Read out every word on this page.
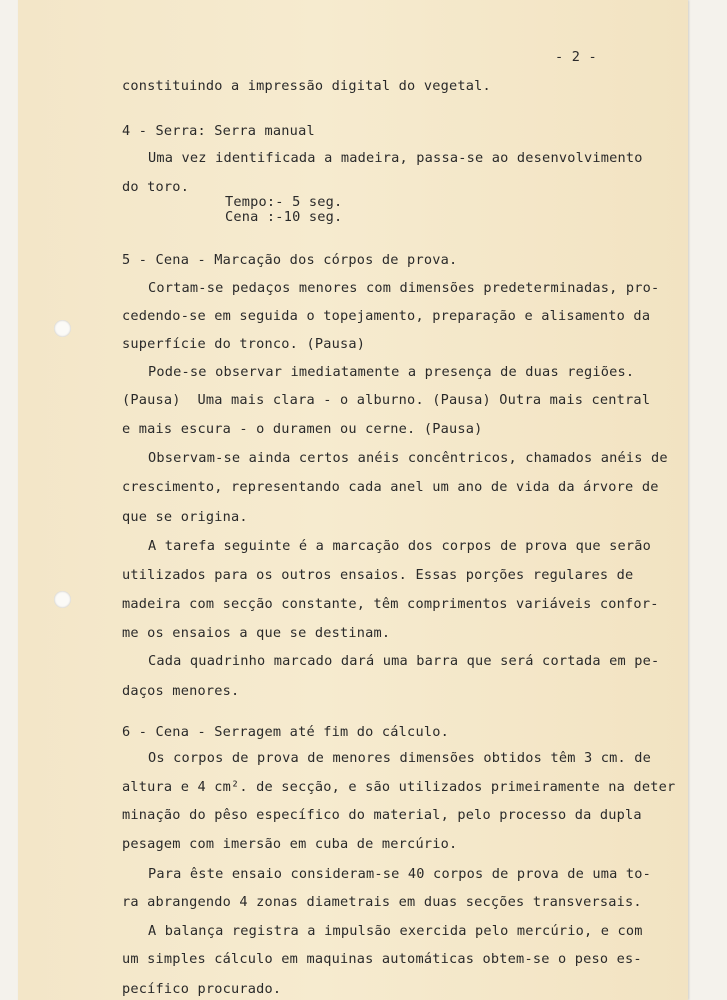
- 2 -
constituindo a impressão digital do vegetal.
4 - Serra: Serra manual
Uma vez identificada a madeira, passa-se ao desenvolvimento
do toro.
Tempo:- 5 seg.
Cena :-10 seg.
5 - Cena - Marcação dos córpos de prova.
Cortam-se pedaços menores com dimensões predeterminadas, pro-
cedendo-se em seguida o topejamento, preparação e alisamento da
superfície do tronco. (Pausa)
Pode-se observar imediatamente a presença de duas regiões.
(Pausa)  Uma mais clara - o alburno. (Pausa) Outra mais central
e mais escura - o duramen ou cerne. (Pausa)
Observam-se ainda certos anéis concêntricos, chamados anéis de
crescimento, representando cada anel um ano de vida da árvore de
que se origina.
A tarefa seguinte é a marcação dos corpos de prova que serão
utilizados para os outros ensaios. Essas porções regulares de
madeira com secção constante, têm comprimentos variáveis confor-
me os ensaios a que se destinam.
Cada quadrinho marcado dará uma barra que será cortada em pe-
daços menores.
6 - Cena - Serragem até fim do cálculo.
Os corpos de prova de menores dimensões obtidos têm 3 cm. de
altura e 4 cm². de secção, e são utilizados primeiramente na deter
minação do pêso específico do material, pelo processo da dupla
pesagem com imersão em cuba de mercúrio.
Para êste ensaio consideram-se 40 corpos de prova de uma to-
ra abrangendo 4 zonas diametrais em duas secções transversais.
A balança registra a impulsão exercida pelo mercúrio, e com
um simples cálculo em maquinas automáticas obtem-se o peso es-
pecífico procurado.
